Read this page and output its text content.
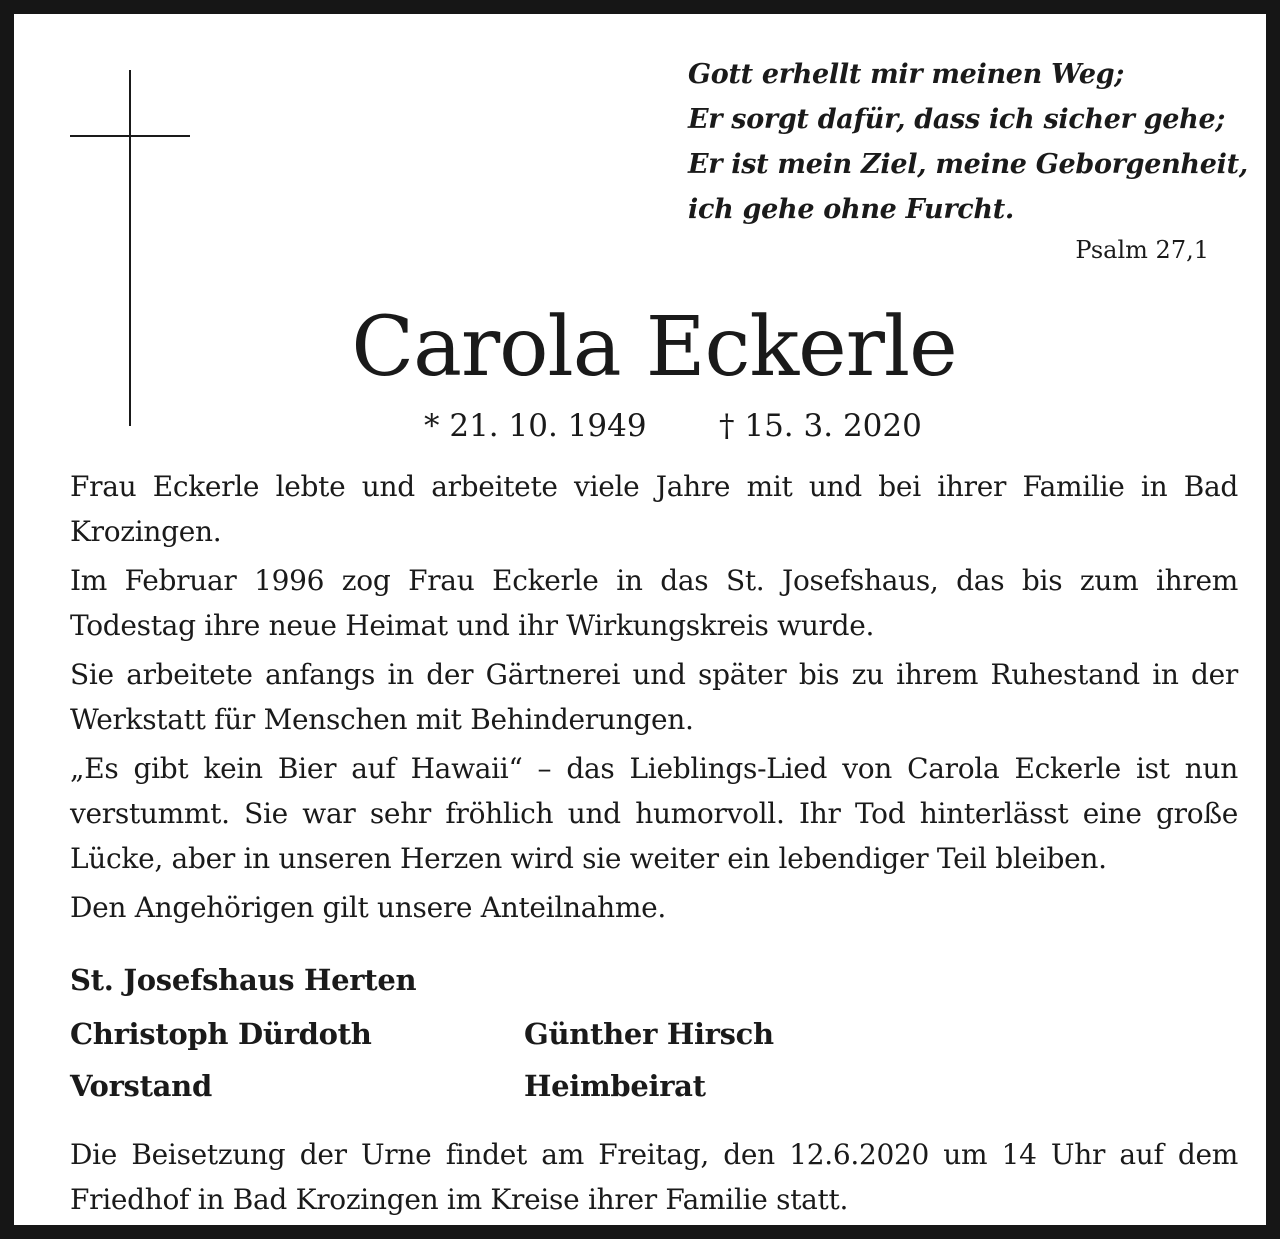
Gott erhellt mir meinen Weg;
Er sorgt dafür, dass ich sicher gehe;
Er ist mein Ziel, meine Geborgenheit,
ich gehe ohne Furcht.
Psalm 27,1
Carola Eckerle
* 21. 10. 1949 † 15. 3. 2020

Frau Eckerle lebte und arbeitete viele Jahre mit und bei ihrer Familie in Bad Krozingen.

Im Februar 1996 zog Frau Eckerle in das St. Josefshaus, das bis zum ihrem Todestag ihre neue Heimat und ihr Wirkungskreis wurde.

Sie arbeitete anfangs in der Gärtnerei und später bis zu ihrem Ruhestand in der Werkstatt für Menschen mit Behinderungen.

„Es gibt kein Bier auf Hawaii“ – das Lieblings-Lied von Carola Eckerle ist nun verstummt. Sie war sehr fröhlich und humorvoll. Ihr Tod hinterlässt eine große Lücke, aber in unseren Herzen wird sie weiter ein lebendiger Teil bleiben.

Den Angehörigen gilt unsere Anteilnahme.

St. Josefshaus Herten
Christoph Dürdoth
Vorstand
Günther Hirsch
Heimbeirat
Die Beisetzung der Urne findet am Freitag, den 12.6.2020 um 14 Uhr auf dem Friedhof in Bad Krozingen im Kreise ihrer Familie statt.
